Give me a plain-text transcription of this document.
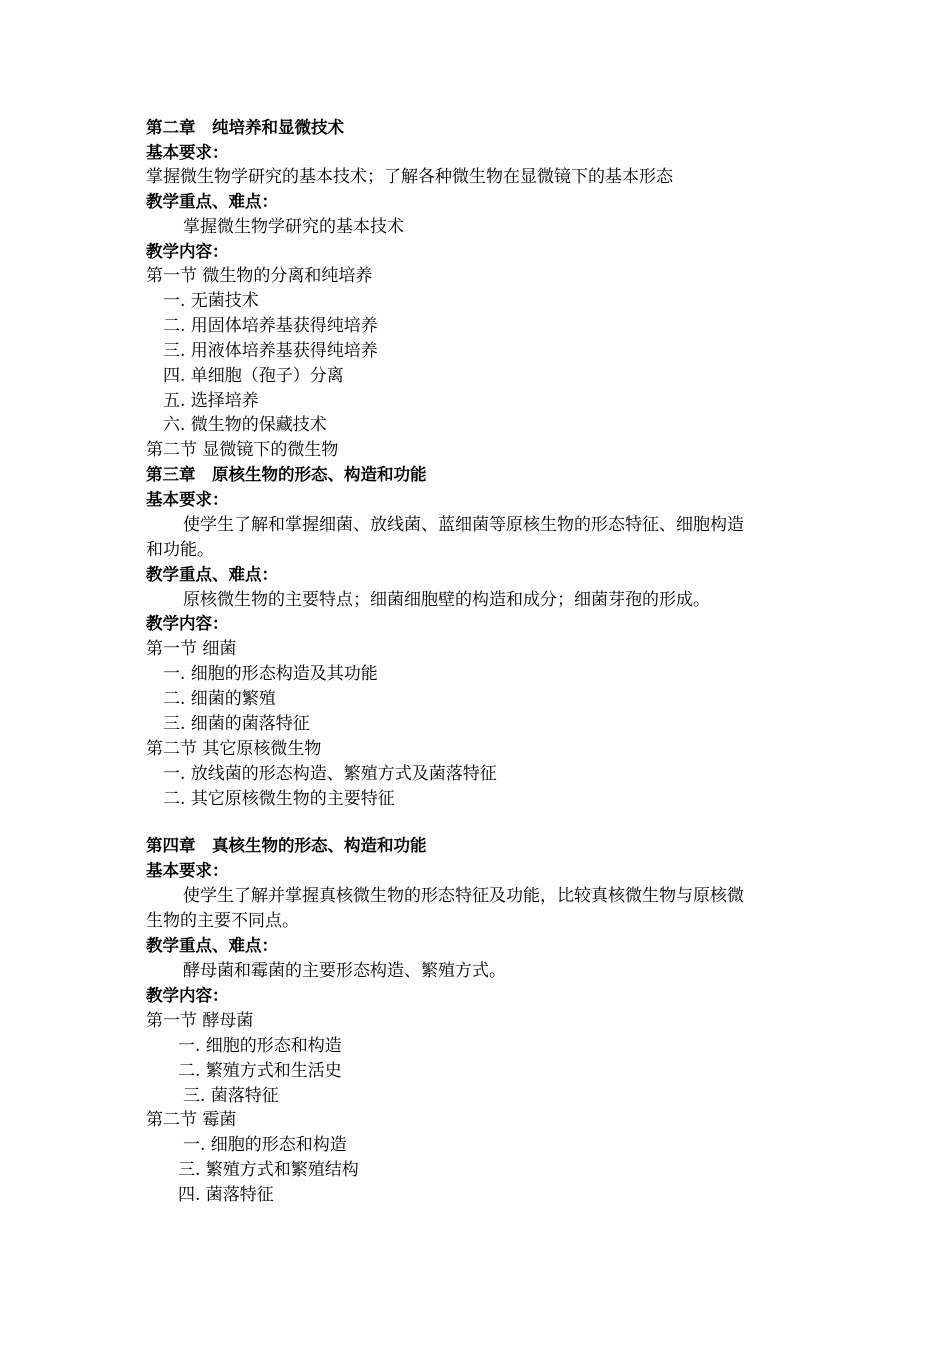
第二章　纯培养和显微技术
基本要求：
掌握微生物学研究的基本技术；了解各种微生物在显微镜下的基本形态
教学重点、难点：
掌握微生物学研究的基本技术
教学内容：
第一节 微生物的分离和纯培养
一. 无菌技术
二. 用固体培养基获得纯培养
三. 用液体培养基获得纯培养
四. 单细胞（孢子）分离
五. 选择培养
六. 微生物的保藏技术
第二节 显微镜下的微生物
第三章　原核生物的形态、构造和功能
基本要求：
使学生了解和掌握细菌、放线菌、蓝细菌等原核生物的形态特征、细胞构造
和功能。
教学重点、难点：
原核微生物的主要特点；细菌细胞壁的构造和成分；细菌芽孢的形成。
教学内容：
第一节 细菌
一. 细胞的形态构造及其功能
二. 细菌的繁殖
三. 细菌的菌落特征
第二节 其它原核微生物
一. 放线菌的形态构造、繁殖方式及菌落特征
二. 其它原核微生物的主要特征
第四章　真核生物的形态、构造和功能
基本要求：
使学生了解并掌握真核微生物的形态特征及功能，比较真核微生物与原核微
生物的主要不同点。
教学重点、难点：
酵母菌和霉菌的主要形态构造、繁殖方式。
教学内容：
第一节 酵母菌
一. 细胞的形态和构造
二. 繁殖方式和生活史
三. 菌落特征
第二节 霉菌
一. 细胞的形态和构造
三. 繁殖方式和繁殖结构
四. 菌落特征
